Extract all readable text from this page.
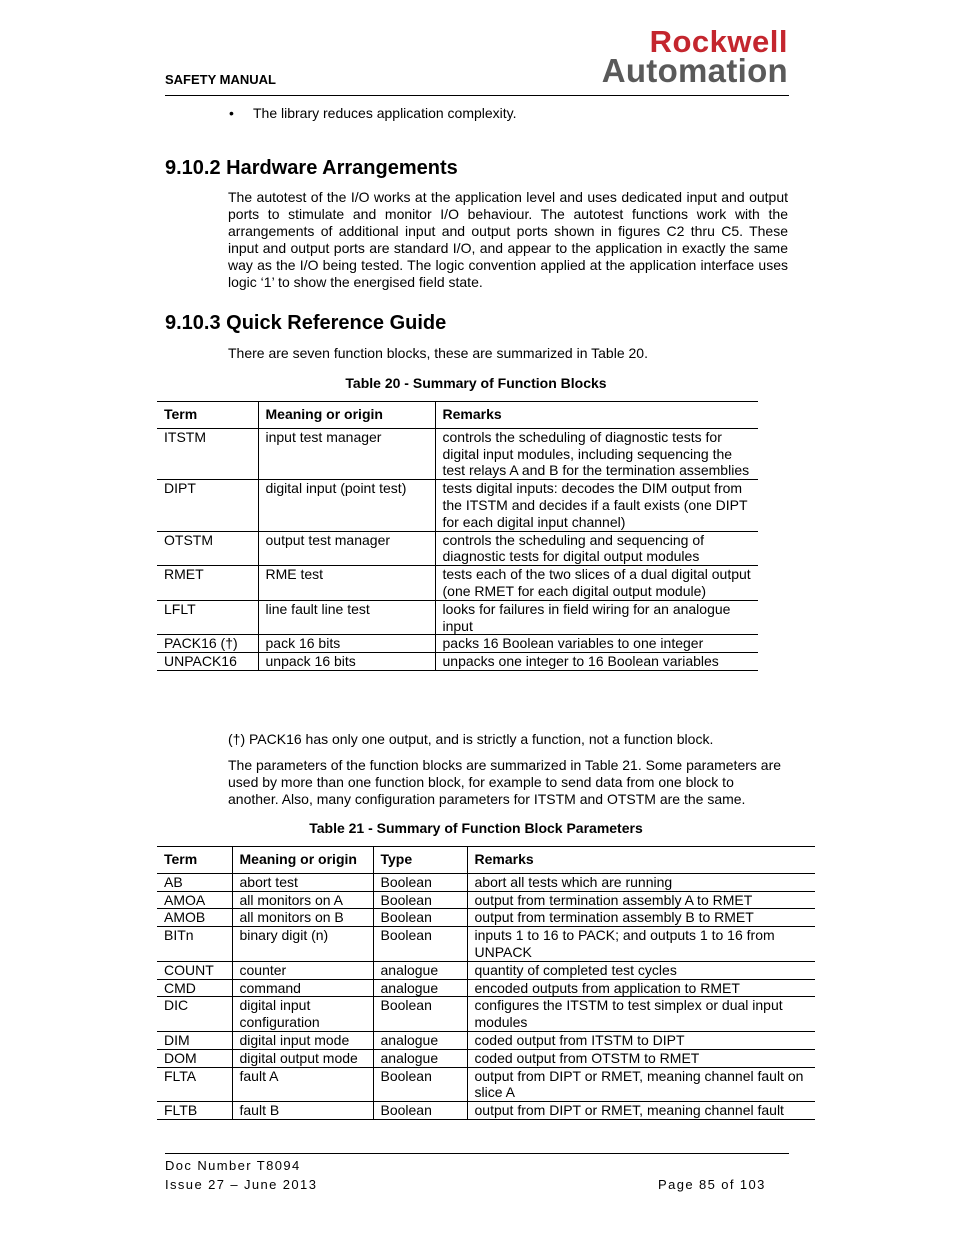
SAFETY MANUAL
Rockwell
Automation
• The library reduces application complexity.
9.10.2 Hardware Arrangements
The autotest of the I/O works at the application level and uses dedicated input and output ports to stimulate and monitor I/O behaviour. The autotest functions work with the arrangements of additional input and output ports shown in figures C2 thru C5. These input and output ports are standard I/O, and appear to the application in exactly the same way as the I/O being tested. The logic convention applied at the application interface uses logic ‘1’ to show the energised field state.
9.10.3 Quick Reference Guide
There are seven function blocks, these are summarized in Table 20.
Table 20 - Summary of Function Blocks
Term	Meaning or origin	Remarks
ITSTM	input test manager	controls the scheduling of diagnostic tests for digital input modules, including sequencing the test relays A and B for the termination assemblies
DIPT	digital input (point test)	tests digital inputs: decodes the DIM output from the ITSTM and decides if a fault exists (one DIPT for each digital input channel)
OTSTM	output test manager	controls the scheduling and sequencing of diagnostic tests for digital output modules
RMET	RME test	tests each of the two slices of a dual digital output (one RMET for each digital output module)
LFLT	line fault line test	looks for failures in field wiring for an analogue input
PACK16 (†)	pack 16 bits	packs 16 Boolean variables to one integer
UNPACK16	unpack 16 bits	unpacks one integer to 16 Boolean variables
(†) PACK16 has only one output, and is strictly a function, not a function block.
The parameters of the function blocks are summarized in Table 21. Some parameters are used by more than one function block, for example to send data from one block to another. Also, many configuration parameters for ITSTM and OTSTM are the same.
Table 21 - Summary of Function Block Parameters
Term	Meaning or origin	Type	Remarks
AB	abort test	Boolean	abort all tests which are running
AMOA	all monitors on A	Boolean	output from termination assembly A to RMET
AMOB	all monitors on B	Boolean	output from termination assembly B to RMET
BITn	binary digit (n)	Boolean	inputs 1 to 16 to PACK; and outputs 1 to 16 from UNPACK
COUNT	counter	analogue	quantity of completed test cycles
CMD	command	analogue	encoded outputs from application to RMET
DIC	digital input configuration	Boolean	configures the ITSTM to test simplex or dual input modules
DIM	digital input mode	analogue	coded output from ITSTM to DIPT
DOM	digital output mode	analogue	coded output from OTSTM to RMET
FLTA	fault A	Boolean	output from DIPT or RMET, meaning channel fault on slice A
FLTB	fault B	Boolean	output from DIPT or RMET, meaning channel fault
Doc Number T8094
Issue 27 – June 2013	Page 85 of 103
